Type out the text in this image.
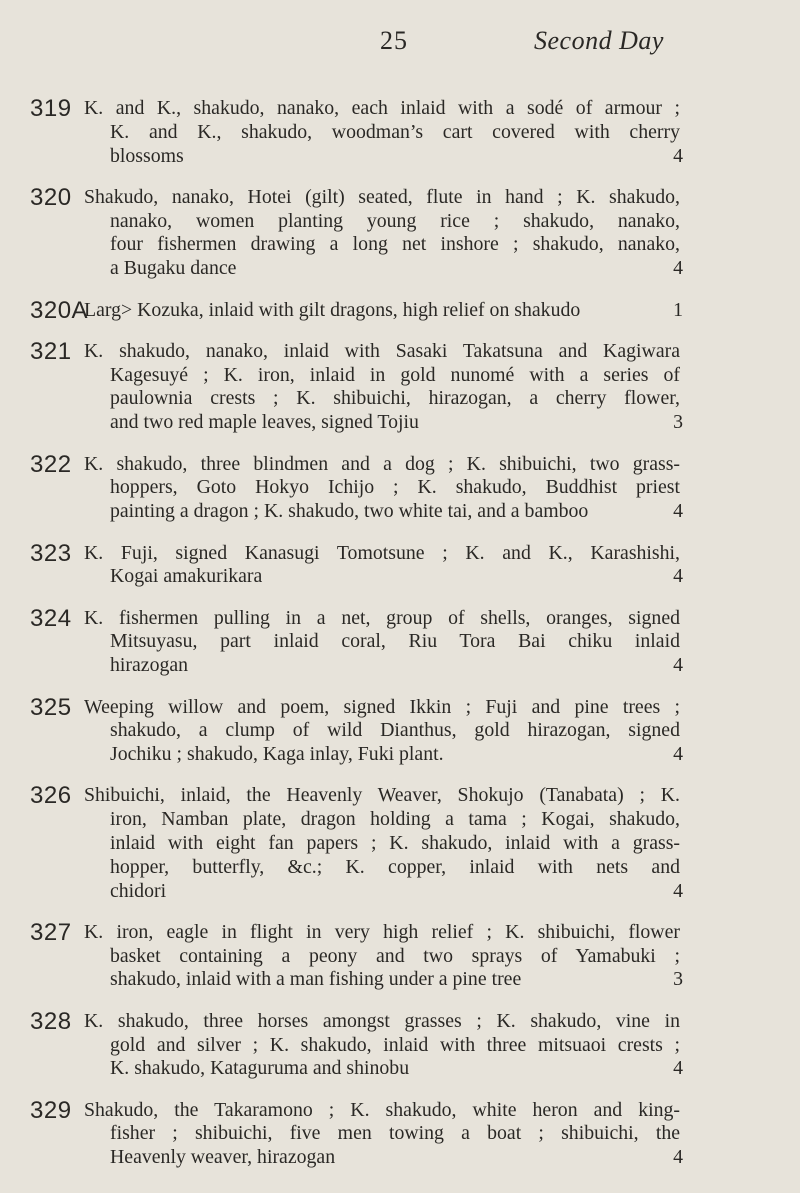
25	Second Day
319 K. and K., shakudo, nanako, each inlaid with a sodé of armour ;
K. and K., shakudo, woodman’s cart covered with cherry
blossoms	4
320 Shakudo, nanako, Hotei (gilt) seated, flute in hand ; K. shakudo,
nanako, women planting young rice ; shakudo, nanako,
four fishermen drawing a long net inshore ; shakudo, nanako,
a Bugaku dance	4
320A
Larg> Kozuka, inlaid with gilt dragons, high relief on shakudo	1
321 K. shakudo, nanako, inlaid with Sasaki Takatsuna and Kagiwara
Kagesuyé ; K. iron, inlaid in gold nunomé with a series of
paulownia crests ; K. shibuichi, hirazogan, a cherry flower,
and two red maple leaves, signed Tojiu	3
322 K. shakudo, three blindmen and a dog ; K. shibuichi, two grass-
hoppers, Goto Hokyo Ichijo ; K. shakudo, Buddhist priest
painting a dragon ; K. shakudo, two white tai, and a bamboo	4
323 K. Fuji, signed Kanasugi Tomotsune ; K. and K., Karashishi,
Kogai amakurikara	4
324 K. fishermen pulling in a net, group of shells, oranges, signed
Mitsuyasu, part inlaid coral, Riu Tora Bai chiku inlaid
hirazogan	4
325 Weeping willow and poem, signed Ikkin ; Fuji and pine trees ;
shakudo, a clump of wild Dianthus, gold hirazogan, signed
Jochiku ; shakudo, Kaga inlay, Fuki plant.	4
326 Shibuichi, inlaid, the Heavenly Weaver, Shokujo (Tanabata) ; K.
iron, Namban plate, dragon holding a tama ; Kogai, shakudo,
inlaid with eight fan papers ; K. shakudo, inlaid with a grass-
hopper, butterfly, &c.; K. copper, inlaid with nets and
chidori	4
327 K. iron, eagle in flight in very high relief ; K. shibuichi, flower
basket containing a peony and two sprays of Yamabuki ;
shakudo, inlaid with a man fishing under a pine tree	3
328 K. shakudo, three horses amongst grasses ; K. shakudo, vine in
gold and silver ; K. shakudo, inlaid with three mitsuaoi crests ;
K. shakudo, Kataguruma and shinobu	4
329 Shakudo, the Takaramono ; K. shakudo, white heron and king-
fisher ; shibuichi, five men towing a boat ; shibuichi, the
Heavenly weaver, hirazogan	4
